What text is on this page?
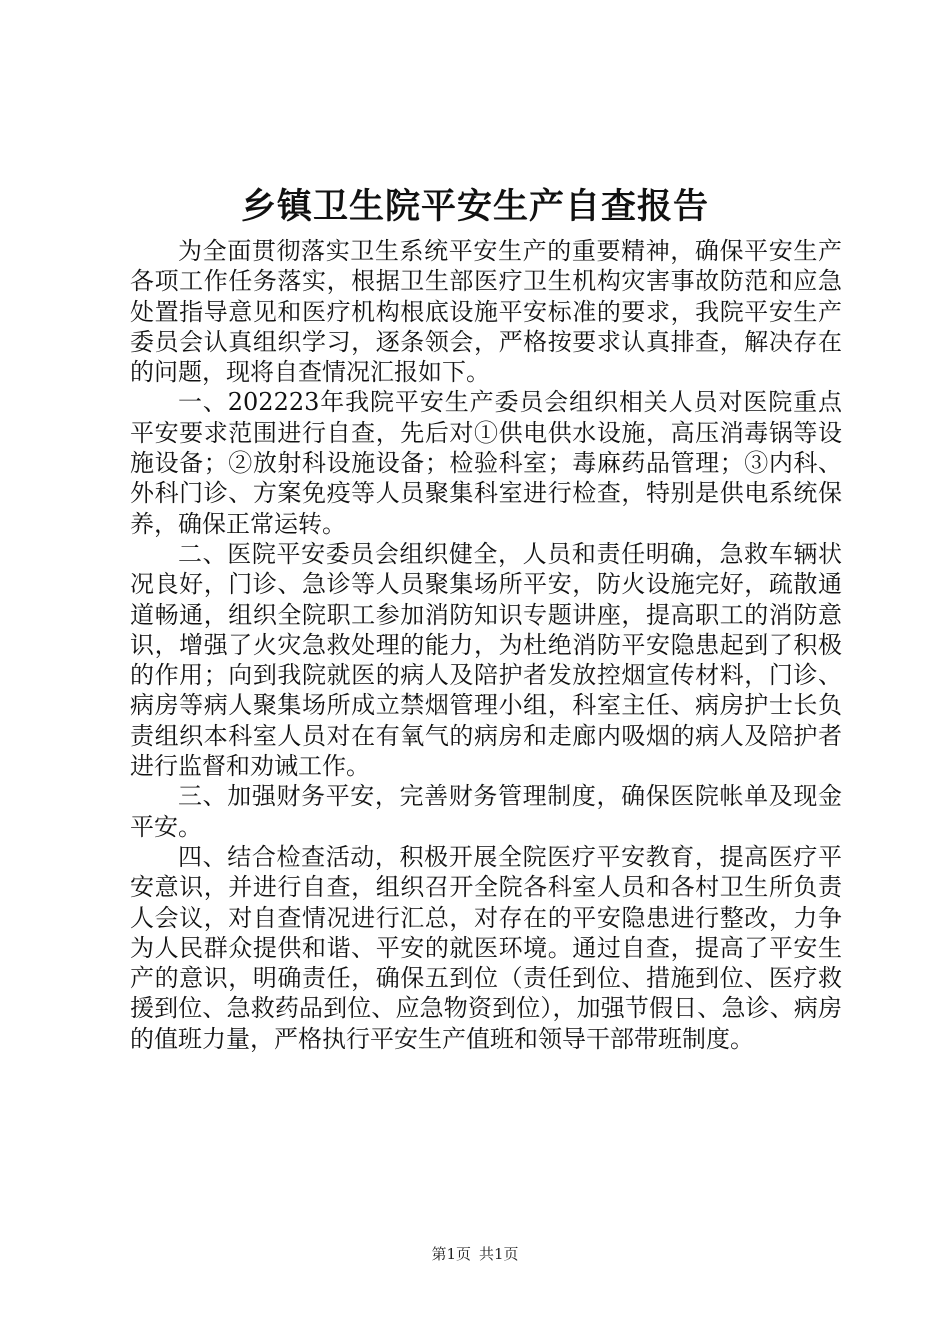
乡镇卫生院平安生产自查报告

为全面贯彻落实卫生系统平安生产的重要精神，确保平安生产各项工作任务落实，根据卫生部医疗卫生机构灾害事故防范和应急处置指导意见和医疗机构根底设施平安标准的要求，我院平安生产委员会认真组织学习，逐条领会，严格按要求认真排查，解决存在的问题，现将自查情况汇报如下。

一、202223年我院平安生产委员会组织相关人员对医院重点平安要求范围进行自查，先后对①供电供水设施，高压消毒锅等设施设备；②放射科设施设备；检验科室；毒麻药品管理；③内科、外科门诊、方案免疫等人员聚集科室进行检查，特别是供电系统保养，确保正常运转。

二、医院平安委员会组织健全，人员和责任明确，急救车辆状况良好，门诊、急诊等人员聚集场所平安，防火设施完好，疏散通道畅通，组织全院职工参加消防知识专题讲座，提高职工的消防意识，增强了火灾急救处理的能力，为杜绝消防平安隐患起到了积极的作用；向到我院就医的病人及陪护者发放控烟宣传材料，门诊、病房等病人聚集场所成立禁烟管理小组，科室主任、病房护士长负责组织本科室人员对在有氧气的病房和走廊内吸烟的病人及陪护者进行监督和劝诫工作。

三、加强财务平安，完善财务管理制度，确保医院帐单及现金平安。

四、结合检查活动，积极开展全院医疗平安教育，提高医疗平安意识，并进行自查，组织召开全院各科室人员和各村卫生所负责人会议，对自查情况进行汇总，对存在的平安隐患进行整改，力争为人民群众提供和谐、平安的就医环境。通过自查，提高了平安生产的意识，明确责任，确保五到位（责任到位、措施到位、医疗救援到位、急救药品到位、应急物资到位），加强节假日、急诊、病房的值班力量，严格执行平安生产值班和领导干部带班制度。

第1页 共1页
